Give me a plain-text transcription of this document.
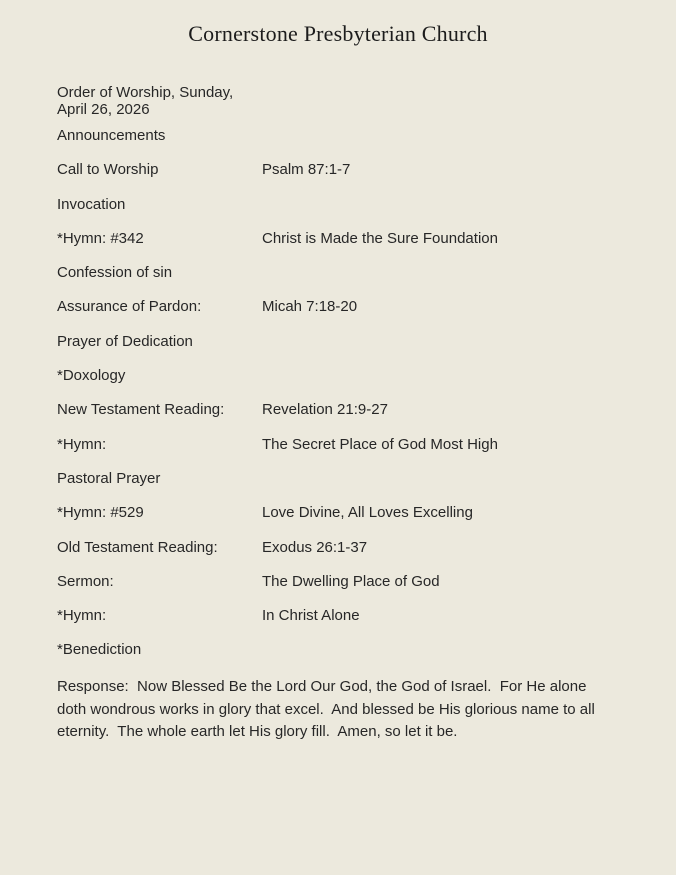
Cornerstone Presbyterian Church
Order of Worship, Sunday, April 26, 2026
Announcements
Call to Worship	Psalm 87:1-7
Invocation
*Hymn: #342	Christ is Made the Sure Foundation
Confession of sin
Assurance of Pardon:	Micah 7:18-20
Prayer of Dedication
*Doxology
New Testament Reading:	Revelation 21:9-27
*Hymn:	The Secret Place of God Most High
Pastoral Prayer
*Hymn: #529	Love Divine, All Loves Excelling
Old Testament Reading:	Exodus 26:1-37
Sermon:	The Dwelling Place of God
*Hymn:	In Christ Alone
*Benediction

Response:  Now Blessed Be the Lord Our God, the God of Israel.  For He alone doth wondrous works in glory that excel.  And blessed be His glorious name to all eternity.  The whole earth let His glory fill.  Amen, so let it be.
